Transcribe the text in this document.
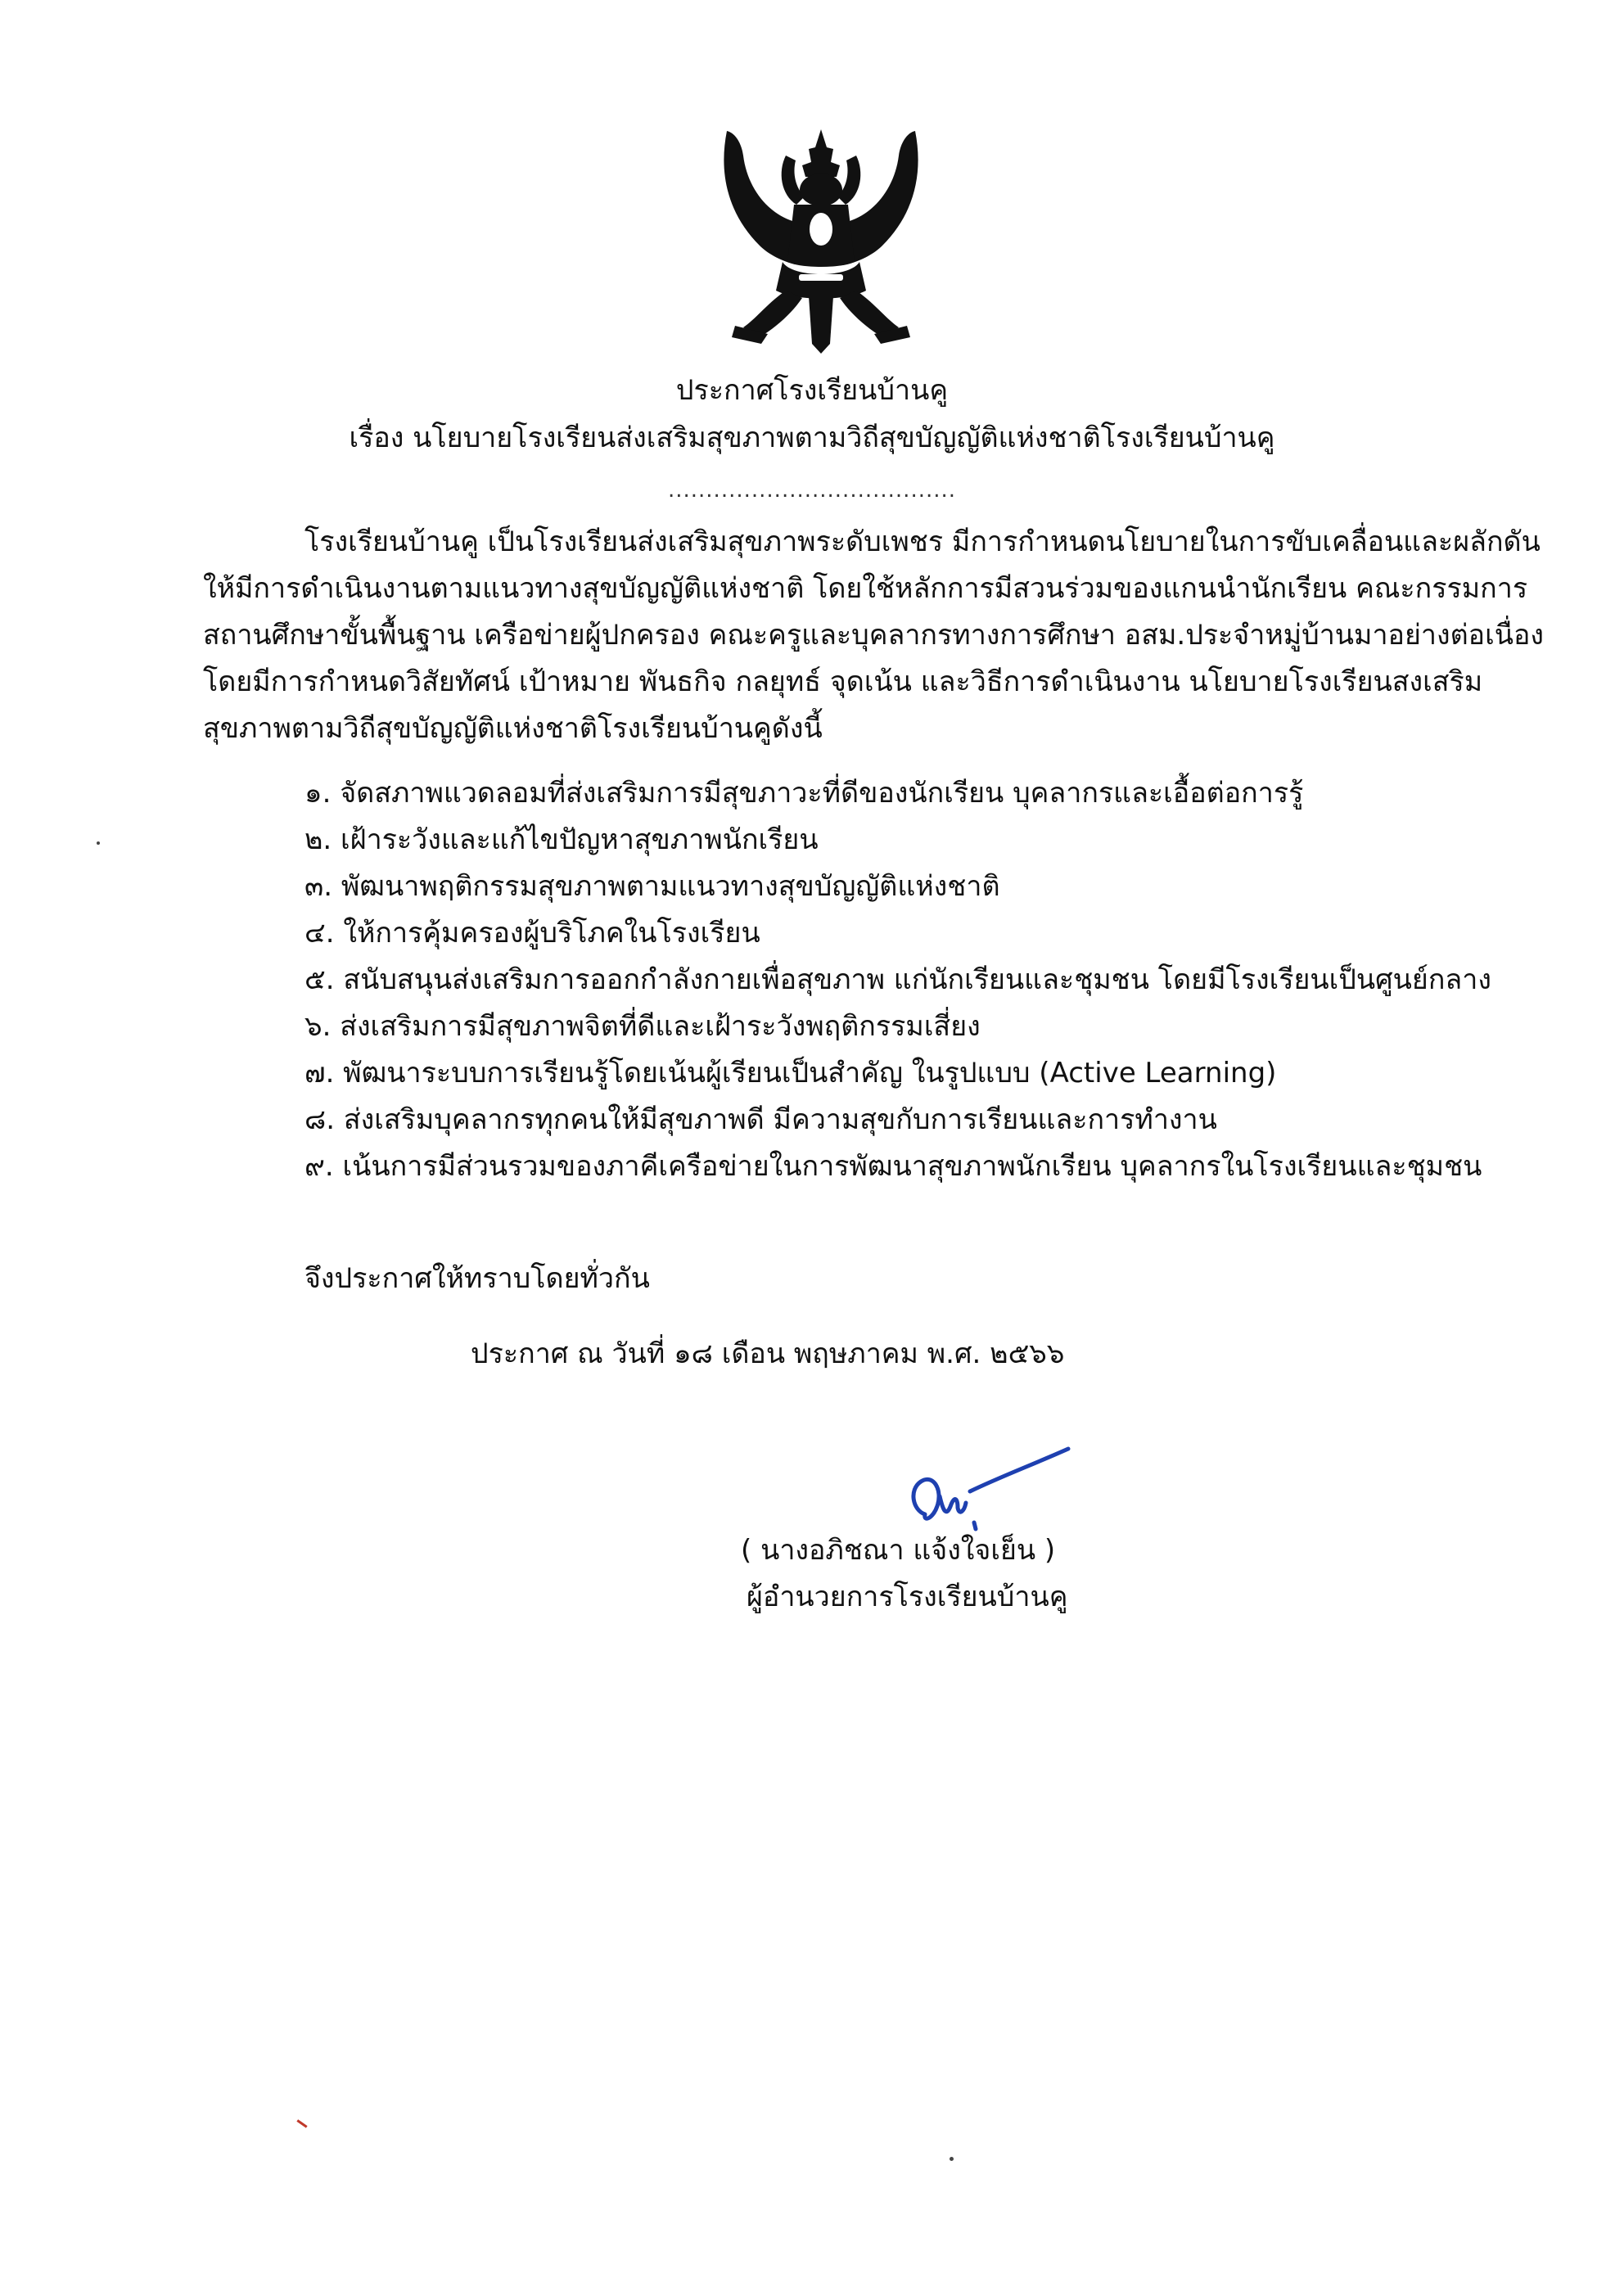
ประกาศโรงเรียนบ้านคู
เรื่อง นโยบายโรงเรียนส่งเสริมสุขภาพตามวิถีสุขบัญญัติแห่งชาติโรงเรียนบ้านคู
......................................
โรงเรียนบ้านคู เป็นโรงเรียนส่งเสริมสุขภาพระดับเพชร มีการกำหนดนโยบายในการขับเคลื่อนและผลักดัน
ให้มีการดำเนินงานตามแนวทางสุขบัญญัติแห่งชาติ โดยใช้หลักการมีสวนร่วมของแกนนำนักเรียน คณะกรรมการ
สถานศึกษาขั้นพื้นฐาน เครือข่ายผู้ปกครอง คณะครูและบุคลากรทางการศึกษา อสม.ประจำหมู่บ้านมาอย่างต่อเนื่อง
โดยมีการกำหนดวิสัยทัศน์ เป้าหมาย พันธกิจ กลยุทธ์ จุดเน้น และวิธีการดำเนินงาน นโยบายโรงเรียนสงเสริม
สุขภาพตามวิถีสุขบัญญัติแห่งชาติโรงเรียนบ้านคูดังนี้
๑. จัดสภาพแวดลอมที่ส่งเสริมการมีสุขภาวะที่ดีของนักเรียน บุคลากรและเอื้อต่อการรู้
๒. เฝ้าระวังและแก้ไขปัญหาสุขภาพนักเรียน
๓. พัฒนาพฤติกรรมสุขภาพตามแนวทางสุขบัญญัติแห่งชาติ
๔. ให้การคุ้มครองผู้บริโภคในโรงเรียน
๕. สนับสนุนส่งเสริมการออกกำลังกายเพื่อสุขภาพ แก่นักเรียนและชุมชน โดยมีโรงเรียนเป็นศูนย์กลาง
๖. ส่งเสริมการมีสุขภาพจิตที่ดีและเฝ้าระวังพฤติกรรมเสี่ยง
๗. พัฒนาระบบการเรียนรู้โดยเน้นผู้เรียนเป็นสำคัญ ในรูปแบบ (Active Learning)
๘. ส่งเสริมบุคลากรทุกคนให้มีสุขภาพดี มีความสุขกับการเรียนและการทำงาน
๙. เน้นการมีส่วนรวมของภาคีเครือข่ายในการพัฒนาสุขภาพนักเรียน บุคลากรในโรงเรียนและชุมชน
จึงประกาศให้ทราบโดยทั่วกัน
ประกาศ ณ วันที่ ๑๘ เดือน พฤษภาคม พ.ศ. ๒๕๖๖
( นางอภิชณา แจ้งใจเย็น )
ผู้อำนวยการโรงเรียนบ้านคู
